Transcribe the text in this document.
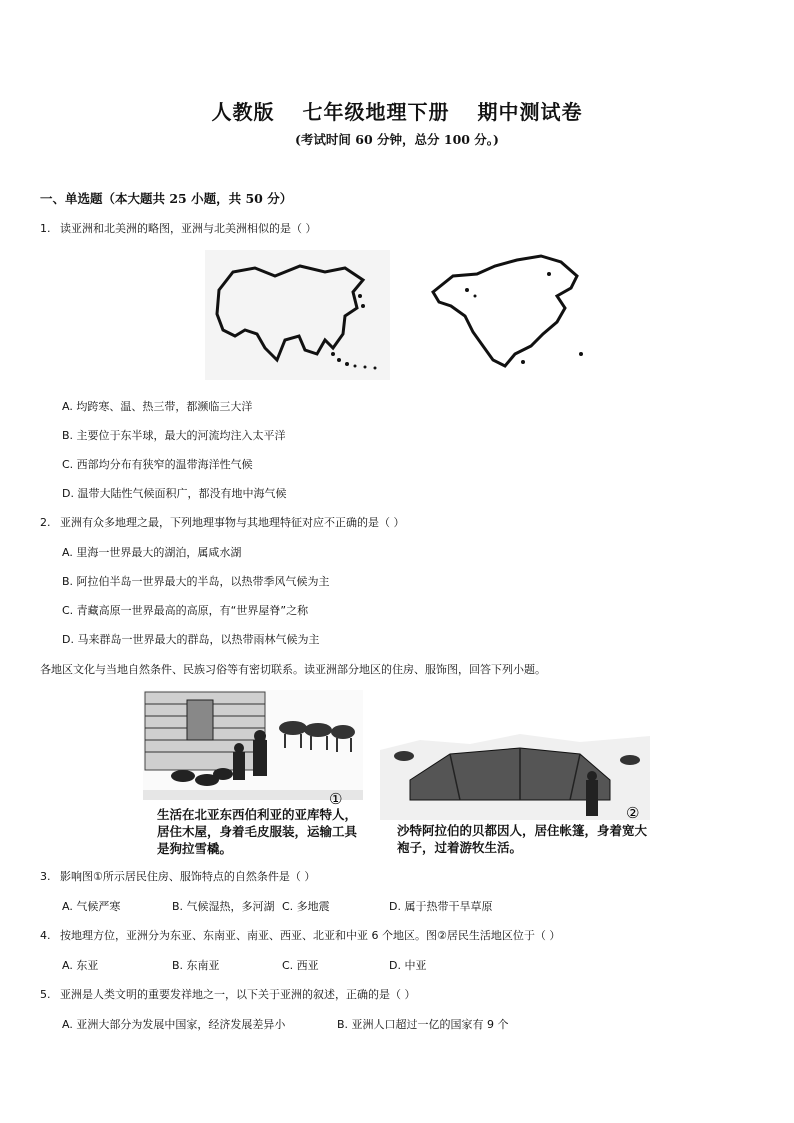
人教版 七年级地理下册 期中测试卷
(考试时间 60 分钟，总分 100 分。)
一、单选题（本大题共 25 小题，共 50 分）
1. 读亚洲和北美洲的略图，亚洲与北美洲相似的是（ ）
A. 均跨寒、温、热三带，都濒临三大洋
B. 主要位于东半球，最大的河流均注入太平洋
C. 西部均分布有狭窄的温带海洋性气候
D. 温带大陆性气候面积广，都没有地中海气候
2. 亚洲有众多地理之最，下列地理事物与其地理特征对应不正确的是（ ）
A. 里海一世界最大的湖泊，属咸水湖
B. 阿拉伯半岛一世界最大的半岛，以热带季风气候为主
C. 青藏高原一世界最高的高原，有“世界屋脊”之称
D. 马来群岛一世界最大的群岛，以热带雨林气候为主
各地区文化与当地自然条件、民族习俗等有密切联系。读亚洲部分地区的住房、服饰图，回答下列小题。
①
生活在北亚东西伯利亚的亚库特人，居住木屋，身着毛皮服装，运输工具是狗拉雪橇。
②
沙特阿拉伯的贝都因人，居住帐篷，身着宽大袍子，过着游牧生活。
3. 影响图①所示居民住房、服饰特点的自然条件是（ ）
A. 气候严寒	B. 气候湿热，多河湖 C. 多地震	D. 属于热带干旱草原
4. 按地理方位，亚洲分为东亚、东南亚、南亚、西亚、北亚和中亚 6 个地区。图②居民生活地区位于（ ）
A. 东亚	B. 东南亚	C. 西亚	D. 中亚
5. 亚洲是人类文明的重要发祥地之一，以下关于亚洲的叙述，正确的是（ ）
A. 亚洲大部分为发展中国家，经济发展差异小	B. 亚洲人口超过一亿的国家有 9 个
